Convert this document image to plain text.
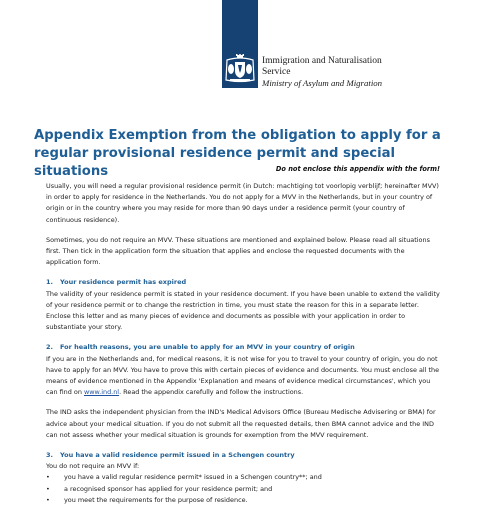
Immigration and Naturalisation
Service
Ministry of Asylum and Migration
Appendix Exemption from the obligation to apply for a regular provisional residence permit and special situations	Do not enclose this appendix with the form!

Usually, you will need a regular provisional residence permit (in Dutch: machtiging tot voorlopig verblijf; hereinafter MVV) in order to apply for residence in the Netherlands. You do not apply for a MVV in the Netherlands, but in your country of origin or in the country where you may reside for more than 90 days under a residence permit (your country of continuous residence).

Sometimes, you do not require an MVV. These situations are mentioned and explained below. Please read all situations first. Then tick in the application form the situation that applies and enclose the requested documents with the application form.

1. Your residence permit has expired

The validity of your residence permit is stated in your residence document. If you have been unable to extend the validity of your residence permit or to change the restriction in time, you must state the reason for this in a separate letter. Enclose this letter and as many pieces of evidence and documents as possible with your application in order to substantiate your story.

2. For health reasons, you are unable to apply for an MVV in your country of origin

If you are in the Netherlands and, for medical reasons, it is not wise for you to travel to your country of origin, you do not have to apply for an MVV. You have to prove this with certain pieces of evidence and documents. You must enclose all the means of evidence mentioned in the Appendix 'Explanation and means of evidence medical circumstances', which you can find on www.ind.nl. Read the appendix carefully and follow the instructions.

The IND asks the independent physician from the IND's Medical Advisors Office (Bureau Medische Advisering or BMA) for advice about your medical situation. If you do not submit all the requested details, then BMA cannot advice and the IND can not assess whether your medical situation is grounds for exemption from the MVV requirement.

3. You have a valid residence permit issued in a Schengen country
You do not require an MVV if:
• you have a valid regular residence permit* issued in a Schengen country**; and
• a recognised sponsor has applied for your residence permit; and
• you meet the requirements for the purpose of residence.
